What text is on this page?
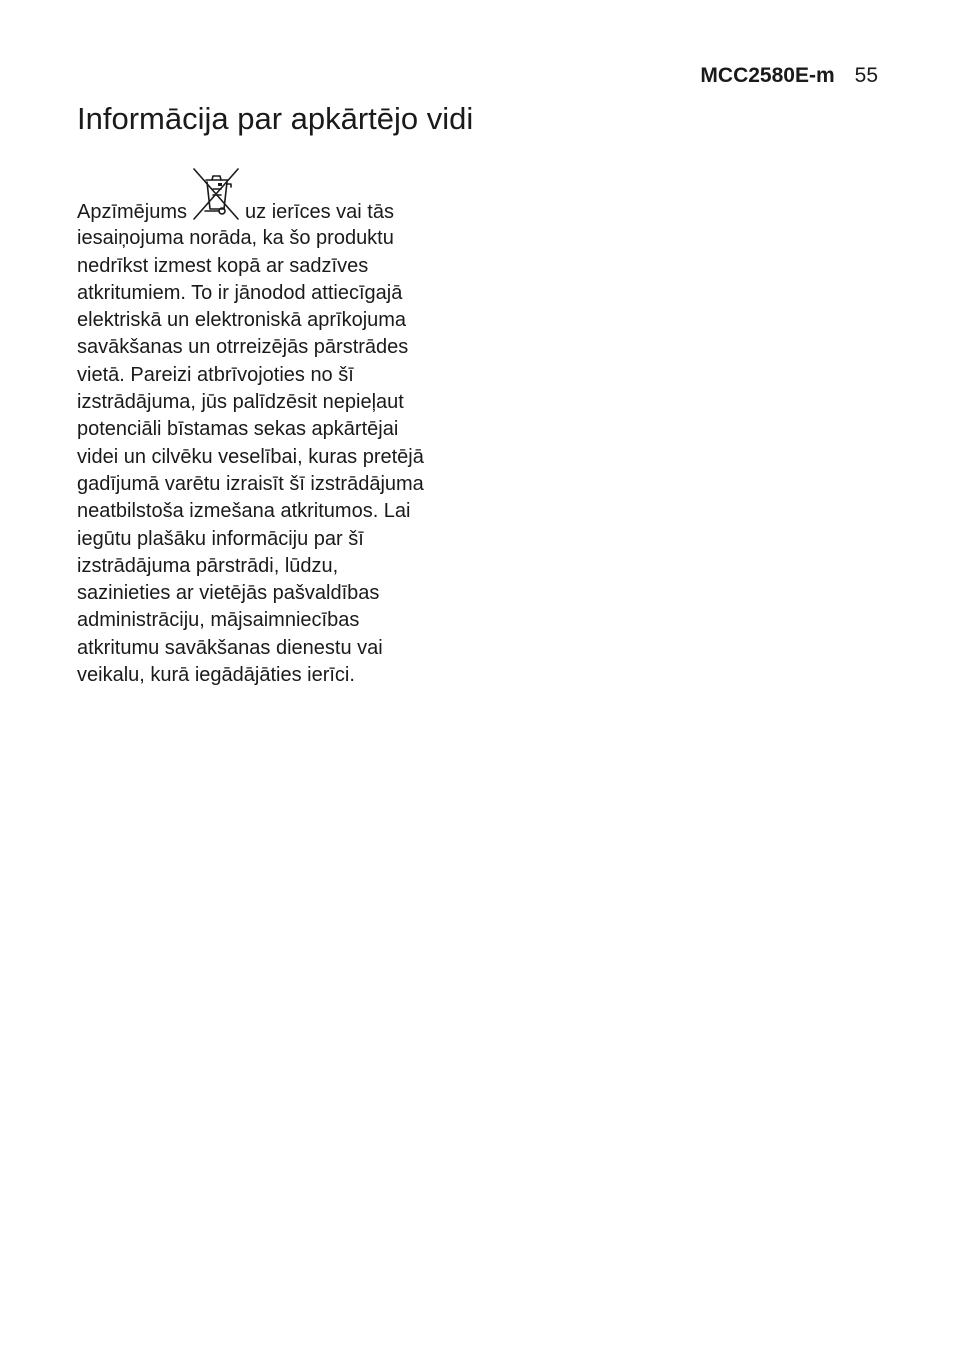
MCC2580E-m 55
Informācija par apkārtējo vidi
Apzīmējums	uz ierīces vai tās
iesaiņojuma norāda, ka šo produktu
nedrīkst izmest kopā ar sadzīves
atkritumiem. To ir jānodod attiecīgajā
elektriskā un elektroniskā aprīkojuma
savākšanas un otrreizējās pārstrādes
vietā. Pareizi atbrīvojoties no šī
izstrādājuma, jūs palīdzēsit nepieļaut
potenciāli bīstamas sekas apkārtējai
videi un cilvēku veselībai, kuras pretējā
gadījumā varētu izraisīt šī izstrādājuma
neatbilstoša izmešana atkritumos. Lai
iegūtu plašāku informāciju par šī
izstrādājuma pārstrādi, lūdzu,
sazinieties ar vietējās pašvaldības
administrāciju, mājsaimniecības
atkritumu savākšanas dienestu vai
veikalu, kurā iegādājāties ierīci.
